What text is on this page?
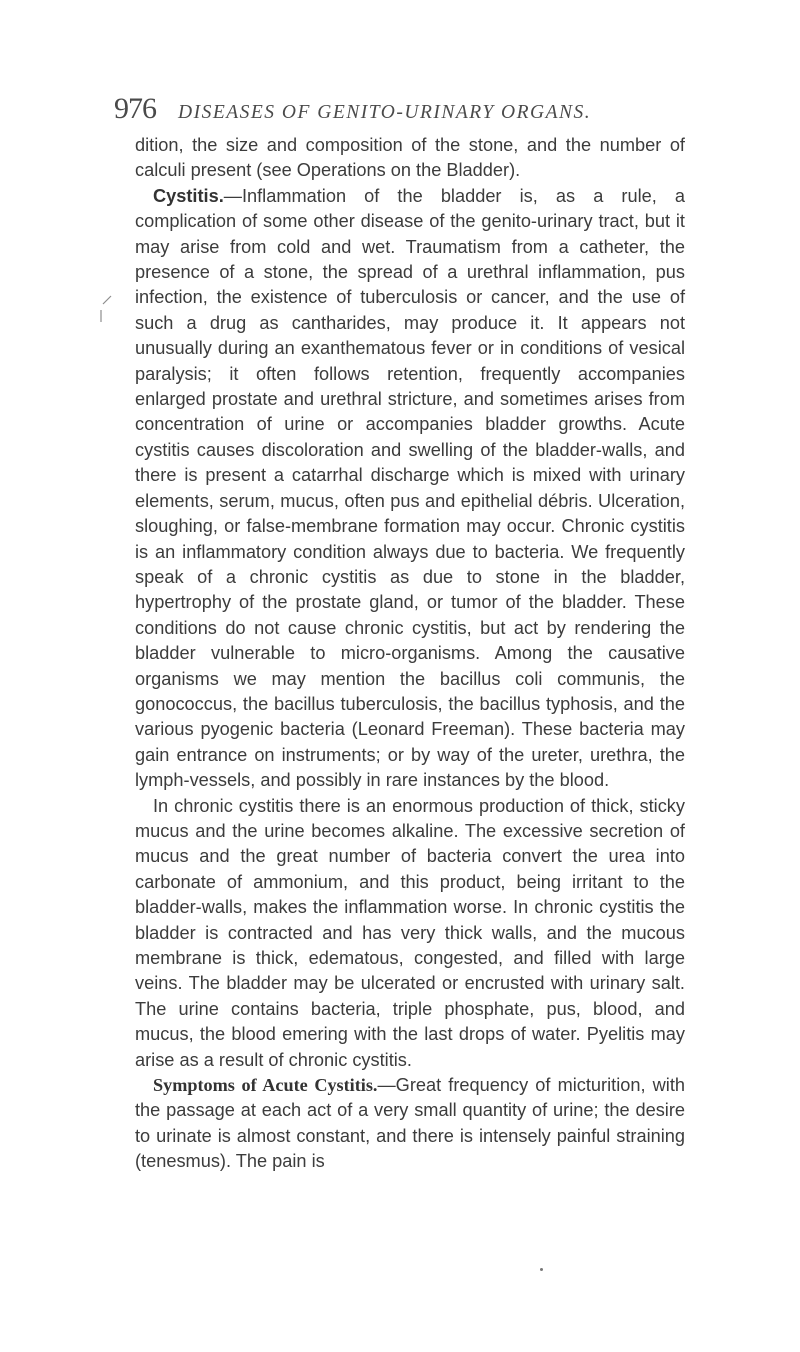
976 DISEASES OF GENITO-URINARY ORGANS.

dition, the size and composition of the stone, and the number of calculi present (see Operations on the Bladder).

Cystitis.—Inflammation of the bladder is, as a rule, a complication of some other disease of the genito-urinary tract, but it may arise from cold and wet. Traumatism from a catheter, the presence of a stone, the spread of a urethral inflammation, pus infection, the existence of tuberculosis or cancer, and the use of such a drug as cantharides, may produce it. It appears not unusually during an exanthematous fever or in conditions of vesical paralysis; it often follows retention, frequently accompanies enlarged prostate and urethral stricture, and sometimes arises from concentration of urine or accompanies bladder growths. Acute cystitis causes discoloration and swelling of the bladder-walls, and there is present a catarrhal discharge which is mixed with urinary elements, serum, mucus, often pus and epithelial débris. Ulceration, sloughing, or false-membrane formation may occur. Chronic cystitis is an inflammatory condition always due to bacteria. We frequently speak of a chronic cystitis as due to stone in the bladder, hypertrophy of the prostate gland, or tumor of the bladder. These conditions do not cause chronic cystitis, but act by rendering the bladder vulnerable to micro-organisms. Among the causative organisms we may mention the bacillus coli communis, the gonococcus, the bacillus tuberculosis, the bacillus typhosis, and the various pyogenic bacteria (Leonard Freeman). These bacteria may gain entrance on instruments; or by way of the ureter, urethra, the lymph-vessels, and possibly in rare instances by the blood.

In chronic cystitis there is an enormous production of thick, sticky mucus and the urine becomes alkaline. The excessive secretion of mucus and the great number of bacteria convert the urea into carbonate of ammonium, and this product, being irritant to the bladder-walls, makes the inflammation worse. In chronic cystitis the bladder is contracted and has very thick walls, and the mucous membrane is thick, edematous, congested, and filled with large veins. The bladder may be ulcerated or encrusted with urinary salt. The urine contains bacteria, triple phosphate, pus, blood, and mucus, the blood emering with the last drops of water. Pyelitis may arise as a result of chronic cystitis.

Symptoms of Acute Cystitis.—Great frequency of micturition, with the passage at each act of a very small quantity of urine; the desire to urinate is almost constant, and there is intensely painful straining (tenesmus). The pain is
